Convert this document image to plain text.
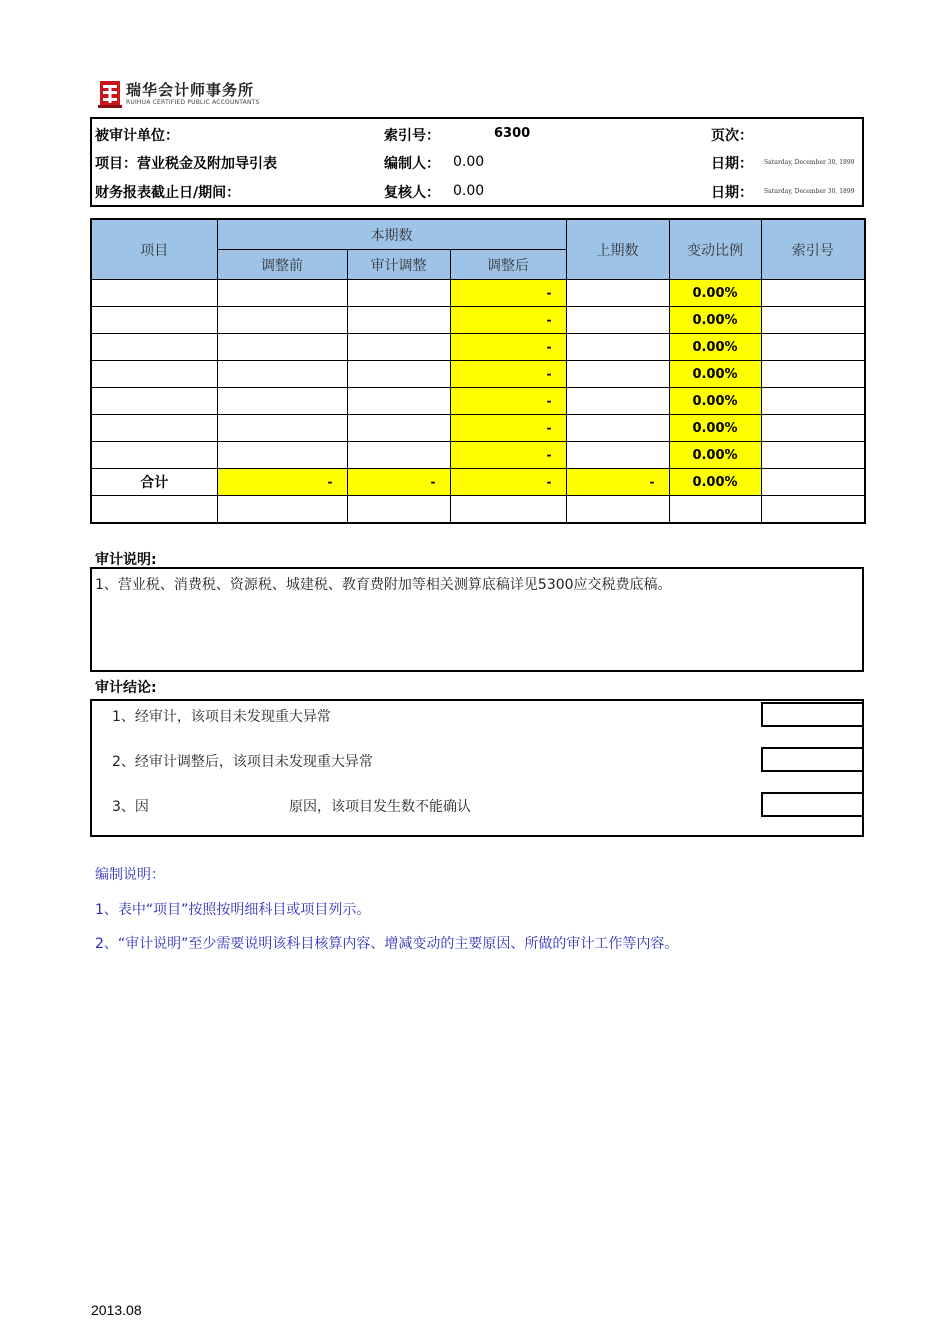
瑞华会计师事务所
RUIHUA CERTIFIED PUBLIC ACCOUNTANTS
被审计单位：
项目：营业税金及附加导引表
财务报表截止日/期间：
索引号：	6300
编制人： 0.00
复核人： 0.00
页次：
日期： Saturday, December 30, 1899
日期： Saturday, December 30, 1899
项目	本期数			上期数	变动比例	索引号
	调整前	审计调整	调整后			
			-		0.00%	
			-		0.00%	
			-		0.00%	
			-		0.00%	
			-		0.00%	
			-		0.00%	
			-		0.00%	
合计	-	-	-	-	0.00%	

审计说明:
1、营业税、消费税、资源税、城建税、教育费附加等相关测算底稿详见5300应交税费底稿。
审计结论:
1、经审计，该项目未发现重大异常
2、经审计调整后，该项目未发现重大异常
3、因	原因，该项目发生数不能确认
编制说明：
1、表中“项目”按照按明细科目或项目列示。
2、“审计说明”至少需要说明该科目核算内容、增减变动的主要原因、所做的审计工作等内容。
2013.08
